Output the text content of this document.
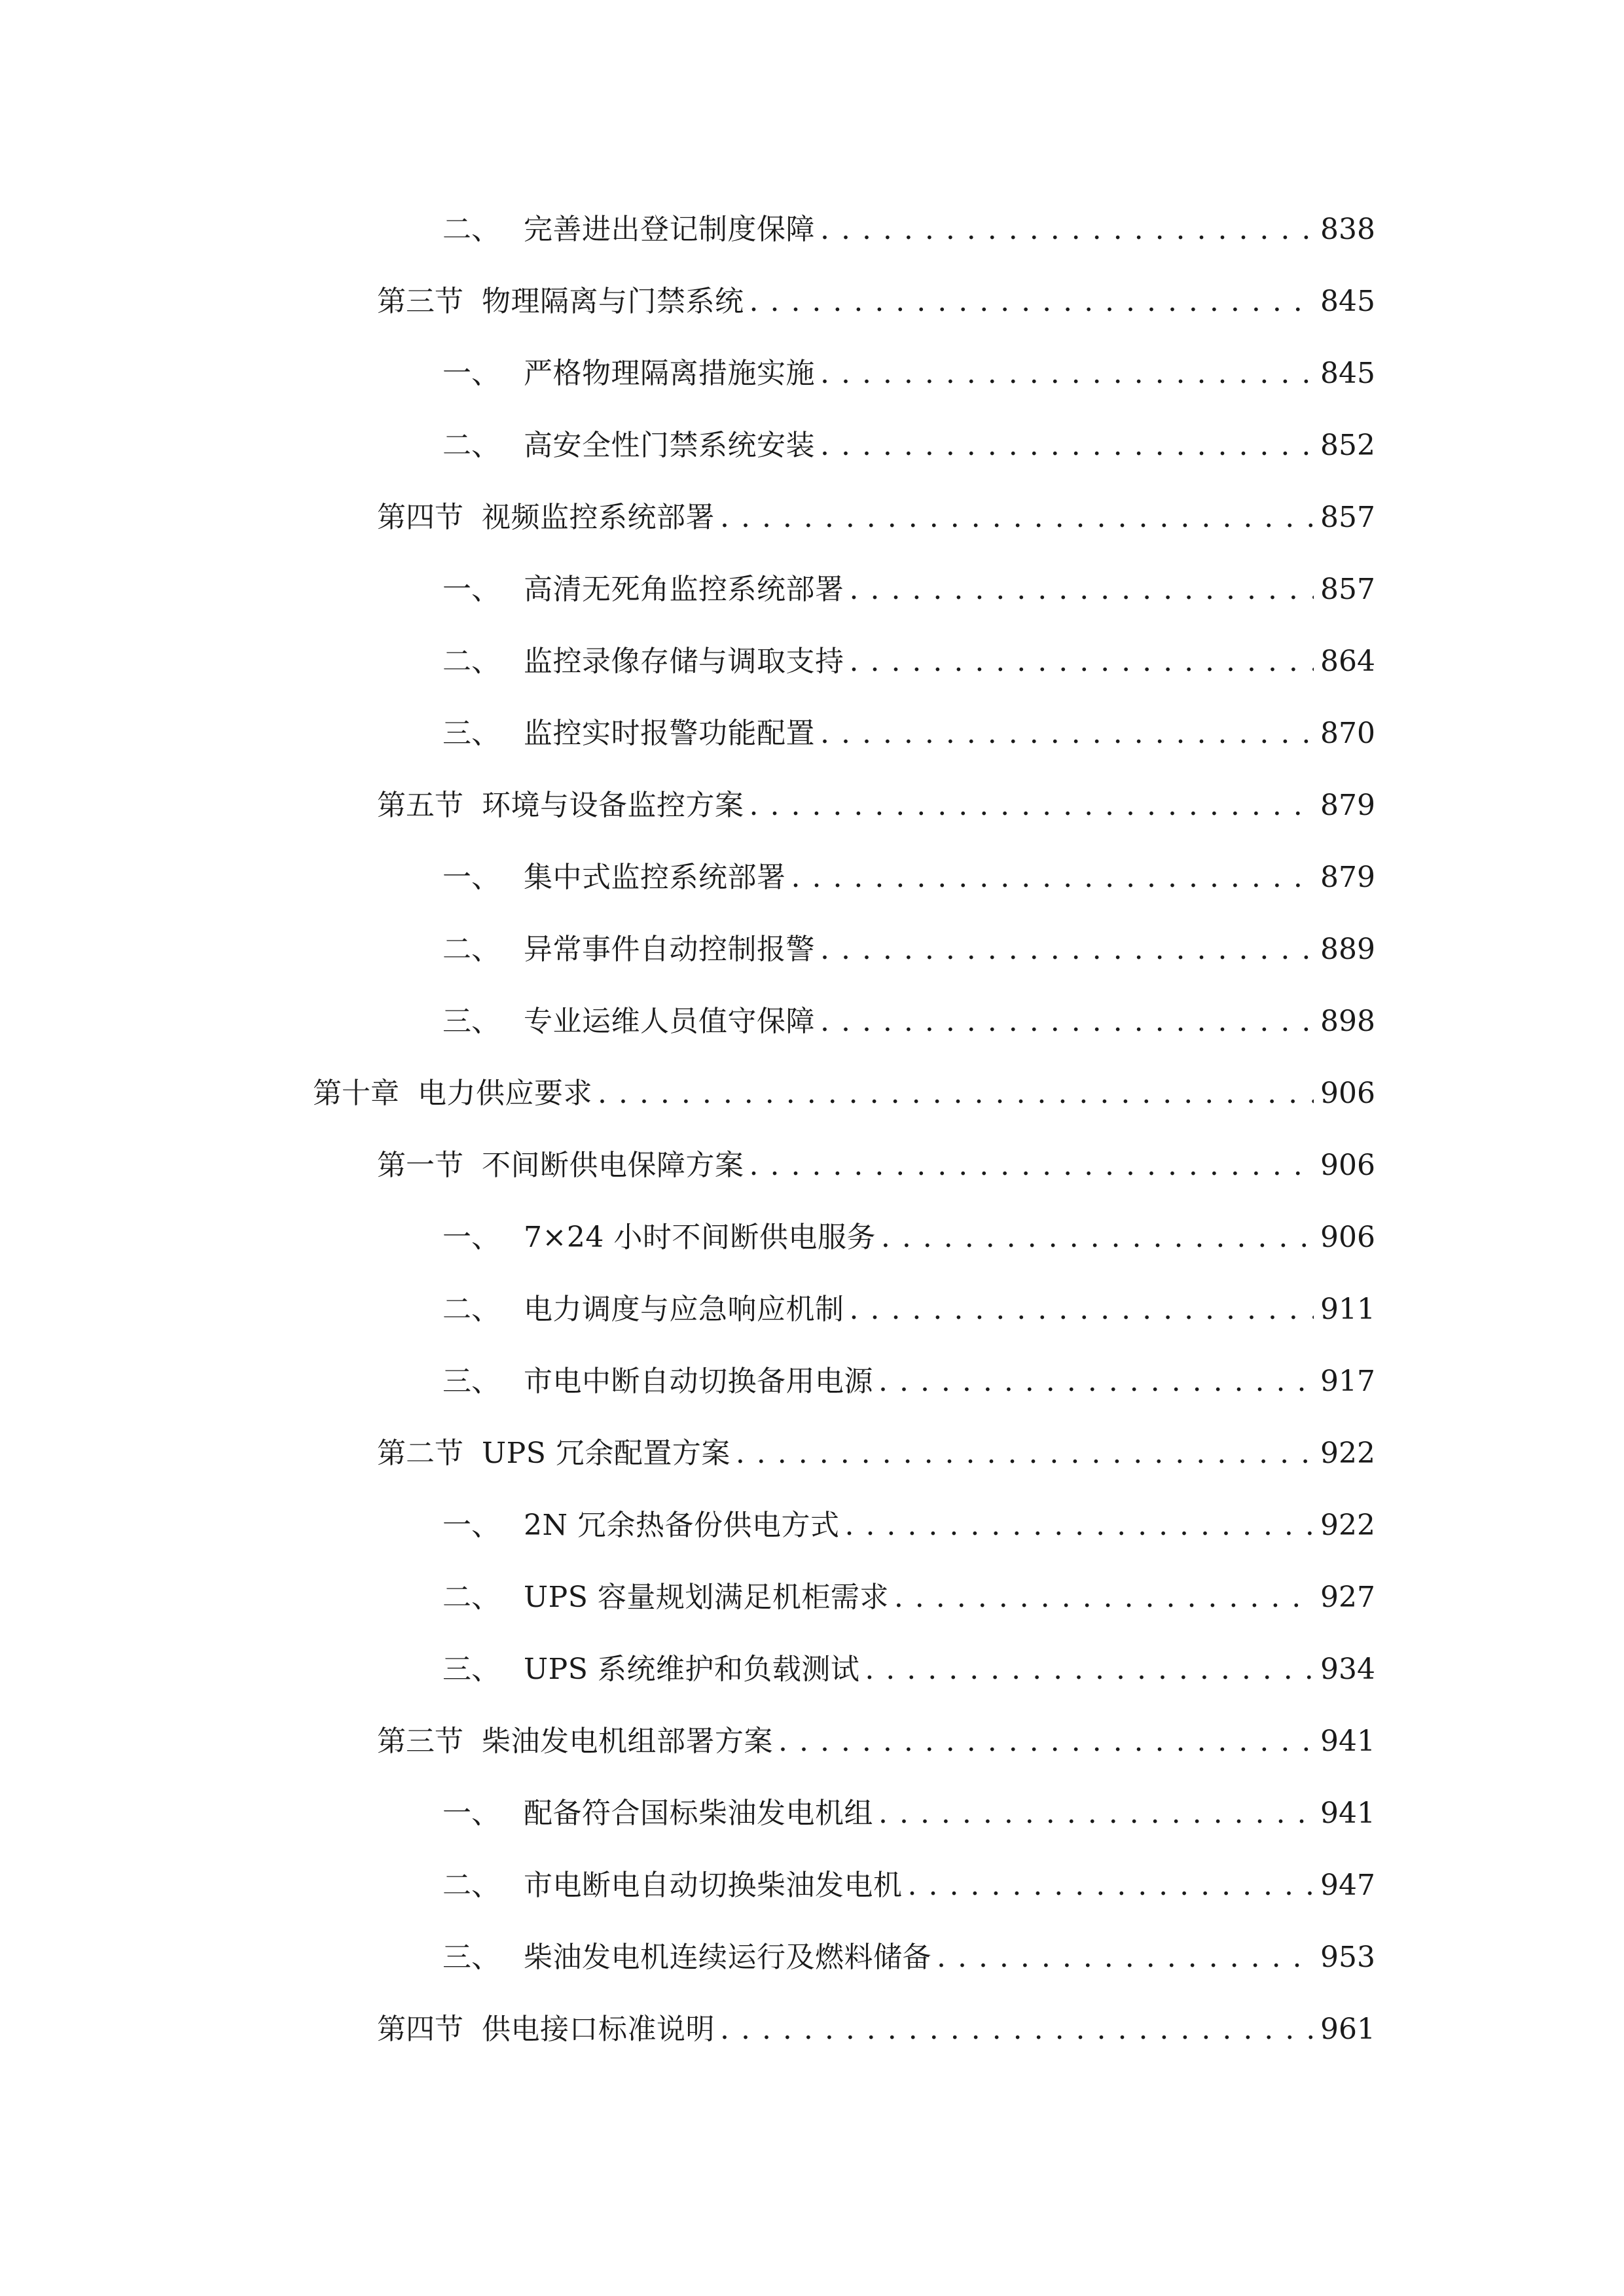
二、 完善进出登记制度保障 . . .	838
第三节 物理隔离与门禁系统 . . .	845
一、 严格物理隔离措施实施 . . .	845
二、 高安全性门禁系统安装 . . .	852
第四节 视频监控系统部署 . . .	857
一、 高清无死角监控系统部署 . . .	857
二、 监控录像存储与调取支持 . . .	864
三、 监控实时报警功能配置 . . .	870
第五节 环境与设备监控方案 . . .	879
一、 集中式监控系统部署 . . .	879
二、 异常事件自动控制报警 . . .	889
三、 专业运维人员值守保障 . . .	898
第十章 电力供应要求 . . .	906
第一节 不间断供电保障方案 . . .	906
一、 7×24 小时不间断供电服务 . . .	906
二、 电力调度与应急响应机制 . . .	911
三、 市电中断自动切换备用电源 . . .	917
第二节 UPS 冗余配置方案 . . .	922
一、 2N 冗余热备份供电方式 . . .	922
二、 UPS 容量规划满足机柜需求 . . .	927
三、 UPS 系统维护和负载测试 . . .	934
第三节 柴油发电机组部署方案 . . .	941
一、 配备符合国标柴油发电机组 . . .	941
二、 市电断电自动切换柴油发电机 . . .	947
三、 柴油发电机连续运行及燃料储备 . . .	953
第四节 供电接口标准说明 . . .	961
